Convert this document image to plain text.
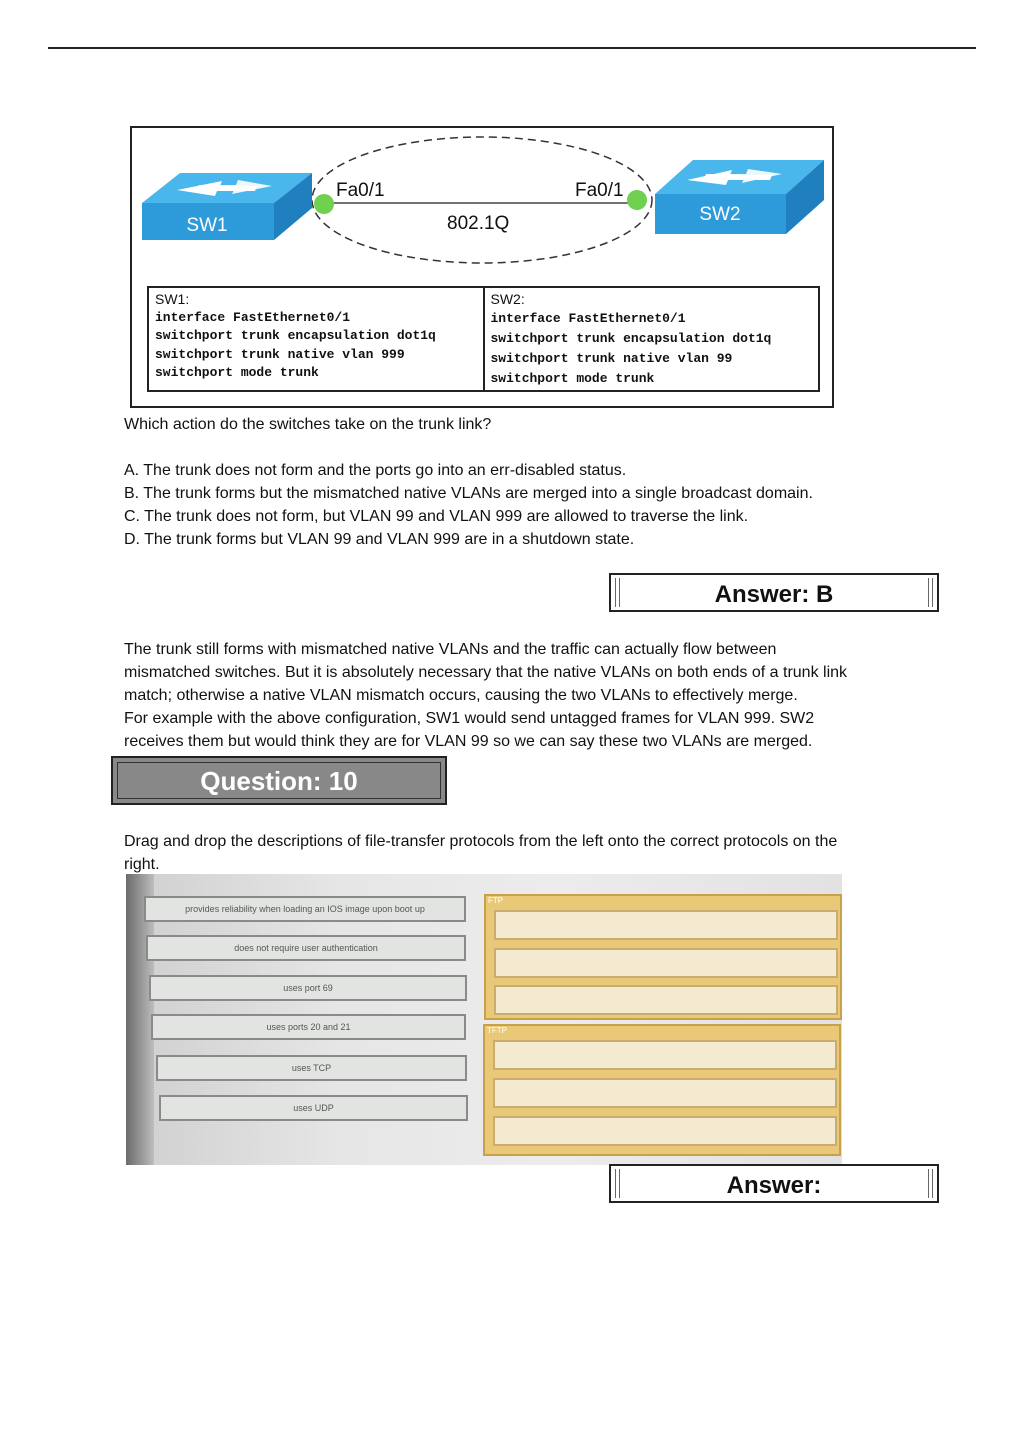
SW1
SW2
Fa0/1	Fa0/1
802.1Q
SW1:
interface FastEthernet0/1
switchport trunk encapsulation dot1q
switchport trunk native vlan 999
switchport mode trunk
SW2:
interface FastEthernet0/1
switchport trunk encapsulation dot1q
switchport trunk native vlan 99
switchport mode trunk
Which action do the switches take on the trunk link?
A. The trunk does not form and the ports go into an err-disabled status.
B. The trunk forms but the mismatched native VLANs are merged into a single broadcast domain.
C. The trunk does not form, but VLAN 99 and VLAN 999 are allowed to traverse the link.
D. The trunk forms but VLAN 99 and VLAN 999 are in a shutdown state.
Answer: B
The trunk still forms with mismatched native VLANs and the traffic can actually flow between
mismatched switches. But it is absolutely necessary that the native VLANs on both ends of a trunk link
match; otherwise a native VLAN mismatch occurs, causing the two VLANs to effectively merge.
For example with the above configuration, SW1 would send untagged frames for VLAN 999. SW2
receives them but would think they are for VLAN 99 so we can say these two VLANs are merged.
Question: 10
Drag and drop the descriptions of file-transfer protocols from the left onto the correct protocols on the
right.
provides reliability when loading an IOS image upon boot up
does not require user authentication
uses port 69
uses ports 20 and 21
uses TCP
uses UDP
FTP
TFTP
Answer:
